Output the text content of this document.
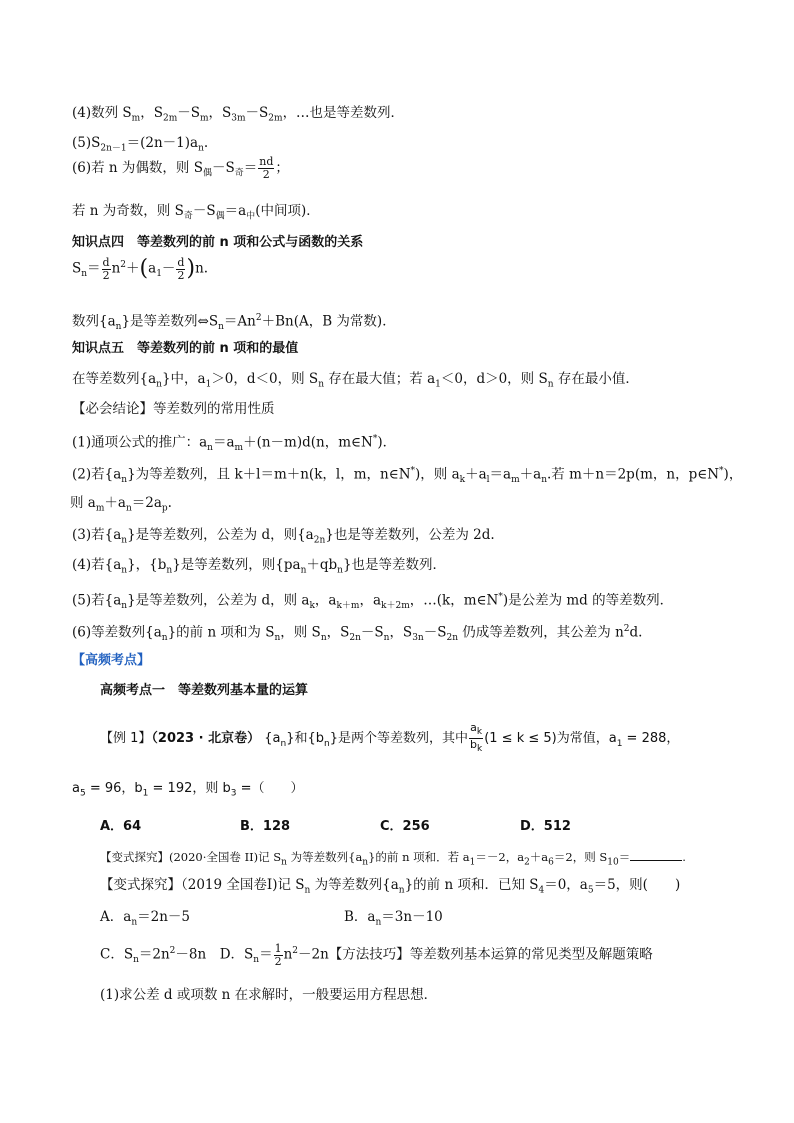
(4)数列 $S_m$，$S_{2m}-S_m$，$S_{3m}-S_{2m}$，…也是等差数列．
$(5)S_{2n-1}=(2n-1)a_n$.
(6)若 n 为偶数，则 $S_偶-S_奇= \frac{nd}{2}$ ；
若 n 为奇数，则 $S_奇-S_偶=a_中$(中间项)．
知识点四　等差数列的前 n 项和公式与函数的关系
$S_n= \frac{d}{2} n^2+(a_1- \frac{d}{2} )n$.
数列$\{a_n\}$是等差数列$\Leftrightarrow S_n=An^2+Bn(A$，B 为常数)．
知识点五　等差数列的前 n 项和的最值
在等差数列$\{a_n\}$中，$a_1>0$，d＜0，则 $S_n$ 存在最大值；若 $a_1<0$，d＞0，则 $S_n$ 存在最小值．
【必会结论】等差数列的常用性质
(1)通项公式的推广：$a_n=a_m+(n-m)d(n$，m∈N*)．
(2)若$\{a_n\}$为等差数列，且 k＋l＝m＋n(k，l，m，n∈N*)，则 $a_k+a_l=a_m+a_n$.若 m＋n＝2p(m，n，p∈N*)，
则 $a_m+a_n=2a_p$.
(3)若$\{a_n\}$是等差数列，公差为 d，则$\{a_{2n}\}$也是等差数列，公差为 2d.
(4)若$\{a_n\}$，$\{b_n\}$是等差数列，则$\{pa_n+qb_n\}$也是等差数列．
(5)若$\{a_n\}$是等差数列，公差为 d，则 $a_k$，$a_{k+m}$，$a_{k+2m}$，…(k，m∈N*)是公差为 md 的等差数列．
(6)等差数列$\{a_n\}$的前 n 项和为 $S_n$，则 $S_n$，$S_{2n}-S_n$，$S_{3n}-S_{2n}$ 仍成等差数列，其公差为 $n^2d$.
【高频考点】
高频考点一　等差数列基本量的运算
【例 1】（2023 · 北京卷） $\{a_n\}$和$\{b_n\}$是两个等差数列，其中 $\frac{a_k}{b_k} (1 \le k \le 5)$为常值，$a_1 = 288$，
$a_5 = 96$，$b_1 = 192$，则 $b_3$ =（　　）
A．64	B．128	C．256	D．512
【变式探究】(2020·全国卷 II)记 $S_n$ 为等差数列$\{a_n\}$的前 n 项和．若 $a_1=-2$，$a_2+a_6=2$，则 $S_{10}=$	.
【变式探究】（2019 全国卷Ⅰ)记 $S_n$ 为等差数列$\{a_n\}$的前 n 项和．已知 $S_4=0$，$a_5=5$，则(　　)
A．$a_n=2n-5$	B．$a_n=3n-10$
C．$S_n=2n^2-8n$　D．$S_n= \frac{1}{2} n^2-2n$【方法技巧】等差数列基本运算的常见类型及解题策略
(1)求公差 d 或项数 n 在求解时，一般要运用方程思想．
